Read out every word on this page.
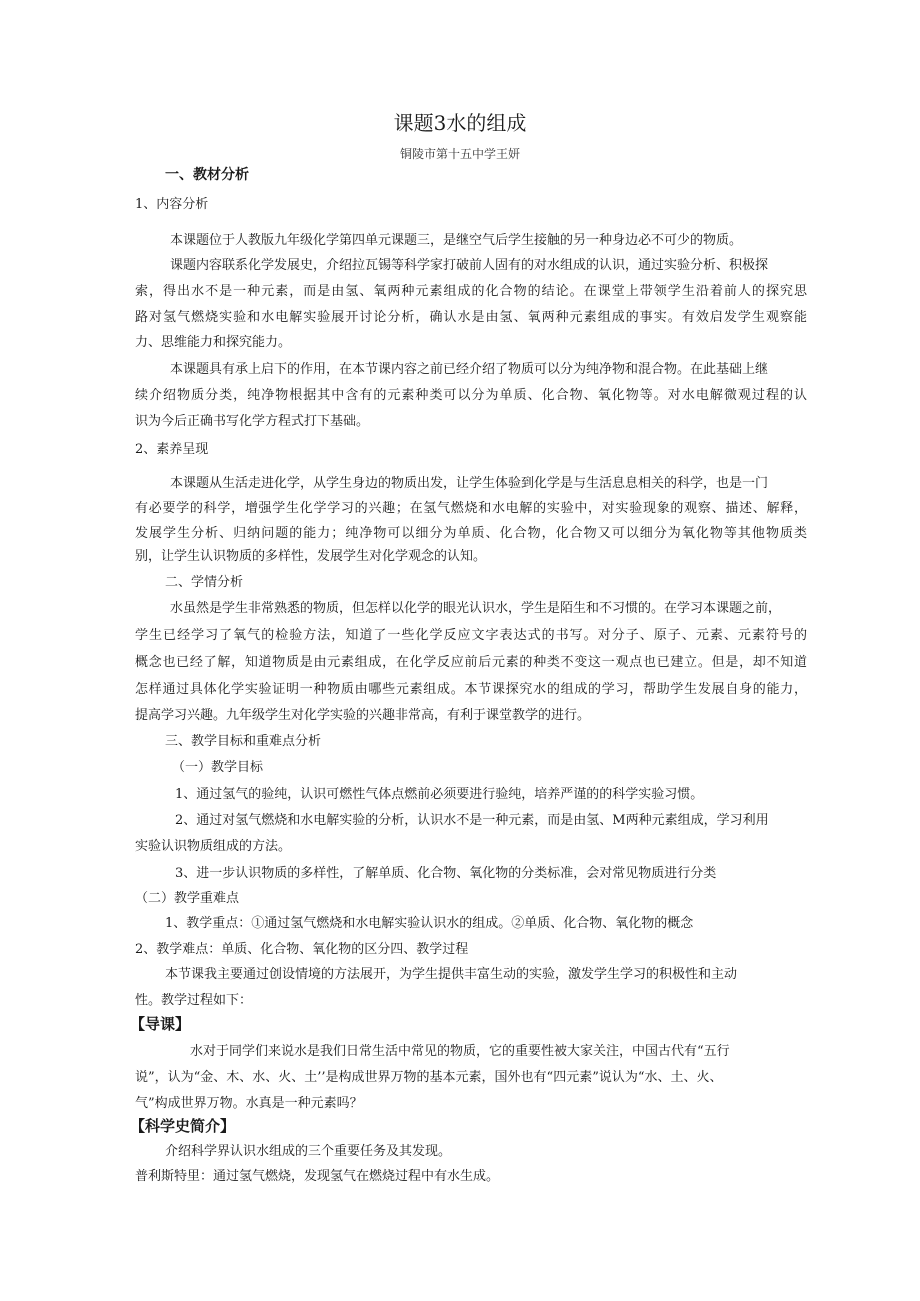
课题3水的组成
铜陵市第十五中学王妍
一、教材分析
1、内容分析
本课题位于人教版九年级化学第四单元课题三，是继空气后学生接触的另一种身边必不可少的物质。
课题内容联系化学发展史，介绍拉瓦锡等科学家打破前人固有的对水组成的认识，通过实验分析、积极探
索，得出水不是一种元素，而是由氢、氧两种元素组成的化合物的结论。在课堂上带领学生沿着前人的探究思
路对氢气燃烧实验和水电解实验展开讨论分析，确认水是由氢、氧两种元素组成的事实。有效启发学生观察能
力、思维能力和探究能力。
本课题具有承上启下的作用，在本节课内容之前已经介绍了物质可以分为纯净物和混合物。在此基础上继
续介绍物质分类，纯净物根据其中含有的元素种类可以分为单质、化合物、氧化物等。对水电解微观过程的认
识为今后正确书写化学方程式打下基础。
2、素养呈现
本课题从生活走进化学，从学生身边的物质出发，让学生体验到化学是与生活息息相关的科学，也是一门
有必要学的科学，增强学生化学学习的兴趣；在氢气燃烧和水电解的实验中，对实验现象的观察、描述、解释，
发展学生分析、归纳问题的能力；纯净物可以细分为单质、化合物，化合物又可以细分为氧化物等其他物质类
别，让学生认识物质的多样性，发展学生对化学观念的认知。
二、学情分析
水虽然是学生非常熟悉的物质，但怎样以化学的眼光认识水，学生是陌生和不习惯的。在学习本课题之前，
学生已经学习了氧气的检验方法，知道了一些化学反应文字表达式的书写。对分子、原子、元素、元素符号的
概念也已经了解，知道物质是由元素组成，在化学反应前后元素的种类不变这一观点也已建立。但是，却不知道
怎样通过具体化学实验证明一种物质由哪些元素组成。本节课探究水的组成的学习，帮助学生发展自身的能力，
提高学习兴趣。九年级学生对化学实验的兴趣非常高，有利于课堂教学的进行。
三、教学目标和重难点分析
（一）教学目标
1、通过氢气的验纯，认识可燃性气体点燃前必须要进行验纯，培养严谨的的科学实验习惯。
2、通过对氢气燃烧和水电解实验的分析，认识水不是一种元素，而是由氢、M两种元素组成，学习利用
实验认识物质组成的方法。
3、进一步认识物质的多样性，了解单质、化合物、氧化物的分类标准，会对常见物质进行分类
（二）教学重难点
1、教学重点：①通过氢气燃烧和水电解实验认识水的组成。②单质、化合物、氧化物的概念
2、教学难点：单质、化合物、氧化物的区分四、教学过程
本节课我主要通过创设情境的方法展开，为学生提供丰富生动的实验，激发学生学习的积极性和主动
性。教学过程如下：
【导课】
水对于同学们来说水是我们日常生活中常见的物质，它的重要性被大家关注，中国古代有“五行
说”，认为“金、木、水、火、土’’是构成世界万物的基本元素，国外也有“四元素”说认为“水、土、火、
气”构成世界万物。水真是一种元素吗？
【科学史简介】
介绍科学界认识水组成的三个重要任务及其发现。
普利斯特里：通过氢气燃烧，发现氢气在燃烧过程中有水生成。
